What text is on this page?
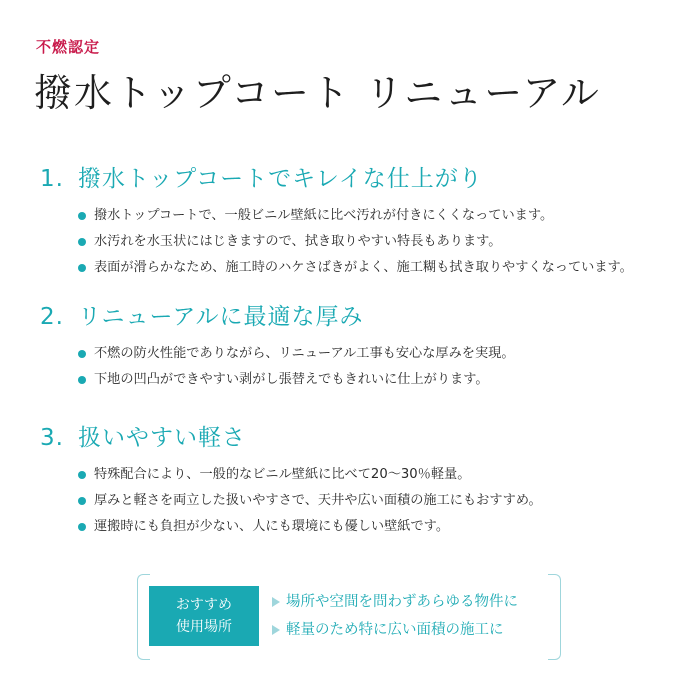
不燃認定
撥水トップコート リニューアル
1. 撥水トップコートでキレイな仕上がり
撥水トップコートで、一般ビニル壁紙に比べ汚れが付きにくくなっています。
水汚れを水玉状にはじきますので、拭き取りやすい特長もあります。
表面が滑らかなため、施工時のハケさばきがよく、施工糊も拭き取りやすくなっています。
2. リニューアルに最適な厚み
不燃の防火性能でありながら、リニューアル工事も安心な厚みを実現。
下地の凹凸ができやすい剥がし張替えでもきれいに仕上がります。
3. 扱いやすい軽さ
特殊配合により、一般的なビニル壁紙に比べて20～30％軽量。
厚みと軽さを両立した扱いやすさで、天井や広い面積の施工にもおすすめ。
運搬時にも負担が少ない、人にも環境にも優しい壁紙です。
おすすめ
使用場所
場所や空間を問わずあらゆる物件に
軽量のため特に広い面積の施工に
